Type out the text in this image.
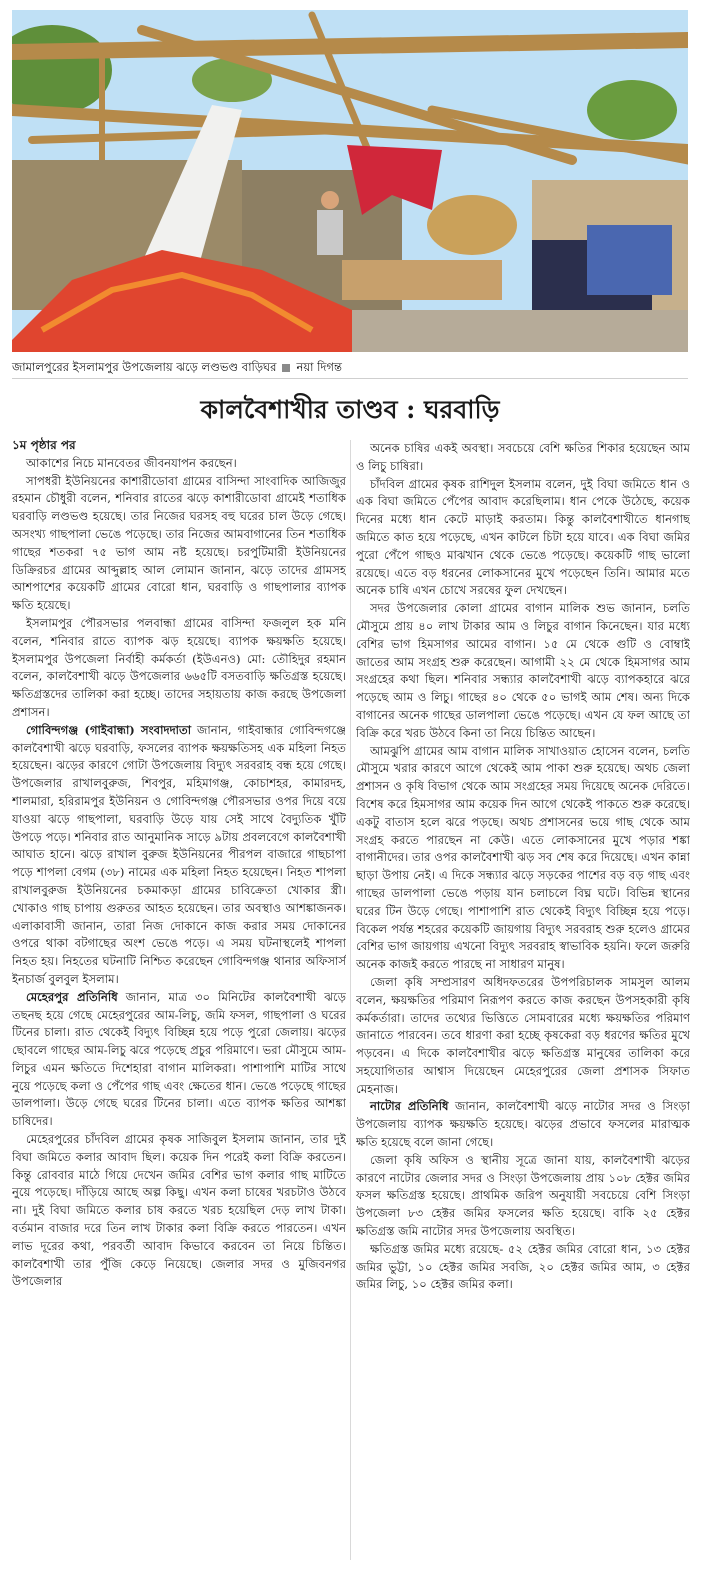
জামালপুরের ইসলামপুর উপজেলায় ঝড়ে লণ্ডভণ্ড বাড়িঘর নয়া দিগন্ত
কালবৈশাখীর তাণ্ডব : ঘরবাড়ি

১ম পৃষ্ঠার পর

আকাশের নিচে মানবেতর জীবনযাপন করছেন।

সাপধরী ইউনিয়নের কাশারীডোবা গ্রামের বাসিন্দা সাংবাদিক আজিজুর রহমান চৌধুরী বলেন, শনিবার রাতের ঝড়ে কাশারীডোবা গ্রামেই শতাধিক ঘরবাড়ি লণ্ডভণ্ড হয়েছে। তার নিজের ঘরসহ বহু ঘরের চাল উড়ে গেছে। অসংখ্য গাছপালা ভেঙে পড়েছে। তার নিজের আমবাগানের তিন শতাধিক গাছের শতকরা ৭৫ ভাগ আম নষ্ট হয়েছে। চরপুটিমারী ইউনিয়নের ডিক্রিরচর গ্রামের আব্দুল্লাহ আল লোমান জানান, ঝড়ে তাদের গ্রামসহ আশপাশের কয়েকটি গ্রামের বোরো ধান, ঘরবাড়ি ও গাছপালার ব্যাপক ক্ষতি হয়েছে।

ইসলামপুর পৌরসভার পলবান্ধা গ্রামের বাসিন্দা ফজলুল হক মনি বলেন, শনিবার রাতে ব্যাপক ঝড় হয়েছে। ব্যাপক ক্ষয়ক্ষতি হয়েছে। ইসলামপুর উপজেলা নির্বাহী কর্মকর্তা (ইউএনও) মো: তৌহিদুর রহমান বলেন, কালবৈশাখী ঝড়ে উপজেলার ৬৬৫টি বসতবাড়ি ক্ষতিগ্রস্ত হয়েছে। ক্ষতিগ্রস্তদের তালিকা করা হচ্ছে। তাদের সহায়তায় কাজ করছে উপজেলা প্রশাসন।

গোবিন্দগঞ্জ (গাইবান্ধা) সংবাদদাতা জানান, গাইবান্ধার গোবিন্দগঞ্জে কালবৈশাখী ঝড়ে ঘরবাড়ি, ফসলের ব্যাপক ক্ষয়ক্ষতিসহ এক মহিলা নিহত হয়েছেন। ঝড়ের কারণে গোটা উপজেলায় বিদ্যুৎ সরবরাহ বন্ধ হয়ে গেছে। উপজেলার রাখালবুরুজ, শিবপুর, মহিমাগঞ্জ, কোচাশহর, কামারদহ, শালমারা, হরিরামপুর ইউনিয়ন ও গোবিন্দগঞ্জ পৌরসভার ওপর দিয়ে বয়ে যাওয়া ঝড়ে গাছপালা, ঘরবাড়ি উড়ে যায় সেই সাথে বৈদ্যুতিক খুঁটি উপড়ে পড়ে। শনিবার রাত আনুমানিক সাড়ে ৯টায় প্রবলবেগে কালবৈশাখী আঘাত হানে। ঝড়ে রাখাল বুরুজ ইউনিয়নের পীরপল বাজারে গাছচাপা পড়ে শাপলা বেগম (৩৮) নামের এক মহিলা নিহত হয়েছেন। নিহত শাপলা রাখালবুরুজ ইউনিয়নের চকমাকড়া গ্রামের চাবিক্রেতা খোকার স্ত্রী। খোকাও গাছ চাপায় গুরুতর আহত হয়েছেন। তার অবস্থাও আশঙ্কাজনক। এলাকাবাসী জানান, তারা নিজ দোকানে কাজ করার সময় দোকানের ওপরে থাকা বটগাছের অংশ ভেঙে পড়ে। এ সময় ঘটনাস্থলেই শাপলা নিহত হয়। নিহতের ঘটনাটি নিশ্চিত করেছেন গোবিন্দগঞ্জ থানার অফিসার্স ইনচার্জ বুলবুল ইসলাম।

মেহেরপুর প্রতিনিধি জানান, মাত্র ৩০ মিনিটের কালবৈশাখী ঝড়ে তছনছ হয়ে গেছে মেহেরপুরের আম-লিচু, জমি ফসল, গাছপালা ও ঘরের টিনের চালা। রাত থেকেই বিদ্যুৎ বিচ্ছিন্ন হয়ে পড়ে পুরো জেলায়। ঝড়ের ছোবলে গাছের আম-লিচু ঝরে পড়েছে প্রচুর পরিমাণে। ভরা মৌসুমে আম-লিচুর এমন ক্ষতিতে দিশেহারা বাগান মালিকরা। পাশাপাশি মাটির সাথে নুয়ে পড়েছে কলা ও পেঁপের গাছ এবং ক্ষেতের ধান। ভেঙে পড়েছে গাছের ডালপালা। উড়ে গেছে ঘরের টিনের চালা। এতে ব্যাপক ক্ষতির আশঙ্কা চাষিদের।

মেহেরপুরের চাঁদবিল গ্রামের কৃষক সাজিবুল ইসলাম জানান, তার দুই বিঘা জমিতে কলার আবাদ ছিল। কয়েক দিন পরেই কলা বিক্রি করতেন। কিন্তু রোববার মাঠে গিয়ে দেখেন জমির বেশির ভাগ কলার গাছ মাটিতে নুয়ে পড়েছে। দাঁড়িয়ে আছে অল্প কিছু। এখন কলা চাষের খরচটাও উঠবে না। দুই বিঘা জমিতে কলার চাষ করতে খরচ হয়েছিল দেড় লাখ টাকা। বর্তমান বাজার দরে তিন লাখ টাকার কলা বিক্রি করতে পারতেন। এখন লাভ দূরের কথা, পরবর্তী আবাদ কিভাবে করবেন তা নিয়ে চিন্তিত। কালবৈশাখী তার পুঁজি কেড়ে নিয়েছে। জেলার সদর ও মুজিবনগর উপজেলার

অনেক চাষির একই অবস্থা। সবচেয়ে বেশি ক্ষতির শিকার হয়েছেন আম ও লিচু চাষিরা।

চাঁদবিল গ্রামের কৃষক রাশিদুল ইসলাম বলেন, দুই বিঘা জমিতে ধান ও এক বিঘা জমিতে পেঁপের আবাদ করেছিলাম। ধান পেকে উঠেছে, কয়েক দিনের মধ্যে ধান কেটে মাড়াই করতাম। কিন্তু কালবৈশাখীতে ধানগাছ জমিতে কাত হয়ে পড়েছে, এখন কাটলে চিটা হয়ে যাবে। এক বিঘা জমির পুরো পেঁপে গাছও মাঝখান থেকে ভেঙে পড়েছে। কয়েকটি গাছ ভালো রয়েছে। এতে বড় ধরনের লোকসানের মুখে পড়েছেন তিনি। আমার মতে অনেক চাষি এখন চোখে সরষের ফুল দেখছেন।

সদর উপজেলার কোলা গ্রামের বাগান মালিক শুভ জানান, চলতি মৌসুমে প্রায় ৪০ লাখ টাকার আম ও লিচুর বাগান কিনেছেন। যার মধ্যে বেশির ভাগ হিমসাগর আমের বাগান। ১৫ মে থেকে গুটি ও বোম্বাই জাতের আম সংগ্রহ শুরু করেছেন। আগামী ২২ মে থেকে হিমসাগর আম সংগ্রহের কথা ছিল। শনিবার সন্ধ্যার কালবৈশাখী ঝড়ে ব্যাপকহারে ঝরে পড়েছে আম ও লিচু। গাছের ৪০ থেকে ৫০ ভাগই আম শেষ। অন্য দিকে বাগানের অনেক গাছের ডালপালা ভেঙে পড়েছে। এখন যে ফল আছে তা বিক্রি করে খরচ উঠবে কিনা তা নিয়ে চিন্তিত আছেন।

আমঝুপি গ্রামের আম বাগান মালিক সাখাওয়াত হোসেন বলেন, চলতি মৌসুমে খরার কারণে আগে থেকেই আম পাকা শুরু হয়েছে। অথচ জেলা প্রশাসন ও কৃষি বিভাগ থেকে আম সংগ্রহের সময় দিয়েছে অনেক দেরিতে। বিশেষ করে হিমসাগর আম কয়েক দিন আগে থেকেই পাকতে শুরু করেছে। একটু বাতাস হলে ঝরে পড়ছে। অথচ প্রশাসনের ভয়ে গাছ থেকে আম সংগ্রহ করতে পারছেন না কেউ। এতে লোকসানের মুখে পড়ার শঙ্কা বাগানীদের। তার ওপর কালবৈশাখী ঝড় সব শেষ করে দিয়েছে। এখন কান্না ছাড়া উপায় নেই। এ দিকে সন্ধ্যার ঝড়ে সড়কের পাশের বড় বড় গাছ এবং গাছের ডালপালা ভেঙে পড়ায় যান চলাচলে বিঘ্ন ঘটে। বিভিন্ন স্থানের ঘরের টিন উড়ে গেছে। পাশাপাশি রাত থেকেই বিদ্যুৎ বিচ্ছিন্ন হয়ে পড়ে। বিকেল পর্যন্ত শহরের কয়েকটি জায়গায় বিদ্যুৎ সরবরাহ শুরু হলেও গ্রামের বেশির ভাগ জায়গায় এখনো বিদ্যুৎ সরবরাহ স্বাভাবিক হয়নি। ফলে জরুরি অনেক কাজই করতে পারছে না সাধারণ মানুষ।

জেলা কৃষি সম্প্রসারণ অধিদফতরের উপপরিচালক সামসুল আলম বলেন, ক্ষয়ক্ষতির পরিমাণ নিরূপণ করতে কাজ করছেন উপসহকারী কৃষি কর্মকর্তারা। তাদের তথ্যের ভিত্তিতে সোমবারের মধ্যে ক্ষয়ক্ষতির পরিমাণ জানাতে পারবেন। তবে ধারণা করা হচ্ছে কৃষকেরা বড় ধরণের ক্ষতির মুখে পড়বেন। এ দিকে কালবৈশাখীর ঝড়ে ক্ষতিগ্রস্ত মানুষের তালিকা করে সহযোগিতার আশ্বাস দিয়েছেন মেহেরপুরের জেলা প্রশাসক সিফাত মেহনাজ।

নাটোর প্রতিনিধি জানান, কালবৈশাখী ঝড়ে নাটোর সদর ও সিংড়া উপজেলায় ব্যাপক ক্ষয়ক্ষতি হয়েছে। ঝড়ের প্রভাবে ফসলের মারাত্মক ক্ষতি হয়েছে বলে জানা গেছে।

জেলা কৃষি অফিস ও স্থানীয় সূত্রে জানা যায়, কালবৈশাখী ঝড়ের কারণে নাটোর জেলার সদর ও সিংড়া উপজেলায় প্রায় ১০৮ হেক্টর জমির ফসল ক্ষতিগ্রস্ত হয়েছে। প্রাথমিক জরিপ অনুযায়ী সবচেয়ে বেশি সিংড়া উপজেলা ৮৩ হেক্টর জমির ফসলের ক্ষতি হয়েছে। বাকি ২৫ হেক্টর ক্ষতিগ্রস্ত জমি নাটোর সদর উপজেলায় অবস্থিত।

ক্ষতিগ্রস্ত জমির মধ্যে রয়েছে- ৫২ হেক্টর জমির বোরো ধান, ১৩ হেক্টর জমির ভুট্টা, ১০ হেক্টর জমির সবজি, ২০ হেক্টর জমির আম, ৩ হেক্টর জমির লিচু, ১০ হেক্টর জমির কলা।
